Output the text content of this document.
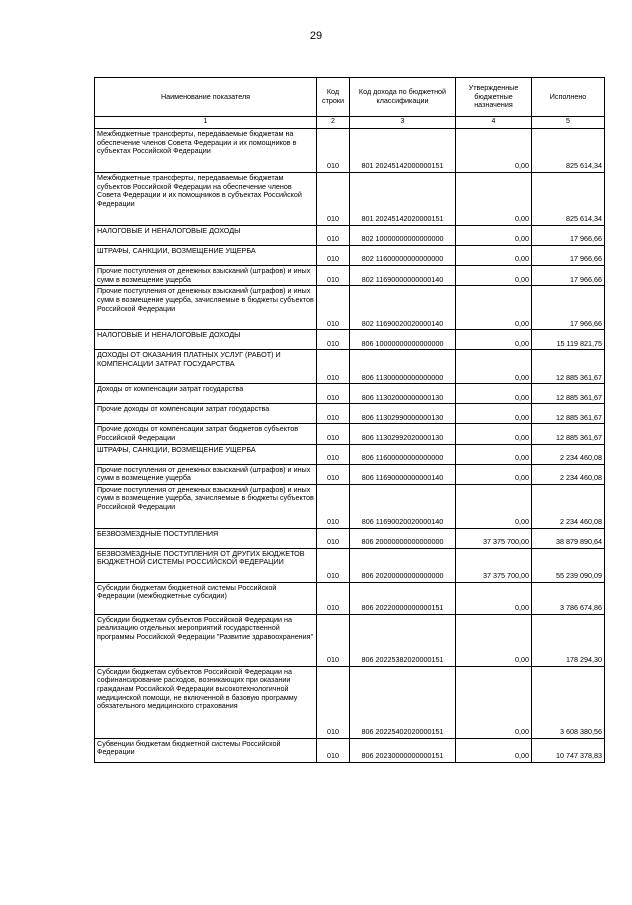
29
Наименование показателя	Код строки	Код дохода по бюджетной классификации	Утвержденные бюджетные назначения	Исполнено
1	2	3	4	5
Межбюджетные трансферты, передаваемые бюджетам на обеспечение членов Совета Федерации и их помощников в субъектах Российской Федерации	010	801 20245142000000151	0,00	825 614,34
Межбюджетные трансферты, передаваемые бюджетам субъектов Российской Федерации на обеспечение членов Совета Федерации и их помощников в субъектах Российской Федерации	010	801 20245142020000151	0,00	825 614,34
НАЛОГОВЫЕ И НЕНАЛОГОВЫЕ ДОХОДЫ	010	802 10000000000000000	0,00	17 966,66
ШТРАФЫ, САНКЦИИ, ВОЗМЕЩЕНИЕ УЩЕРБА	010	802 11600000000000000	0,00	17 966,66
Прочие поступления от денежных взысканий (штрафов) и иных сумм в возмещение ущерба	010	802 11690000000000140	0,00	17 966,66
Прочие поступления от денежных взысканий (штрафов) и иных сумм в возмещение ущерба, зачисляемые в бюджеты субъектов Российской Федерации	010	802 11690020020000140	0,00	17 966,66
НАЛОГОВЫЕ И НЕНАЛОГОВЫЕ ДОХОДЫ	010	806 10000000000000000	0,00	15 119 821,75
ДОХОДЫ ОТ ОКАЗАНИЯ ПЛАТНЫХ УСЛУГ (РАБОТ) И КОМПЕНСАЦИИ ЗАТРАТ ГОСУДАРСТВА	010	806 11300000000000000	0,00	12 885 361,67
Доходы от компенсации затрат государства	010	806 11302000000000130	0,00	12 885 361,67
Прочие доходы от компенсации затрат государства	010	806 11302990000000130	0,00	12 885 361,67
Прочие доходы от компенсации затрат бюджетов субъектов Российской Федерации	010	806 11302992020000130	0,00	12 885 361,67
ШТРАФЫ, САНКЦИИ, ВОЗМЕЩЕНИЕ УЩЕРБА	010	806 11600000000000000	0,00	2 234 460,08
Прочие поступления от денежных взысканий (штрафов) и иных сумм в возмещение ущерба	010	806 11690000000000140	0,00	2 234 460,08
Прочие поступления от денежных взысканий (штрафов) и иных сумм в возмещение ущерба, зачисляемые в бюджеты субъектов Российской Федерации	010	806 11690020020000140	0,00	2 234 460,08
БЕЗВОЗМЕЗДНЫЕ ПОСТУПЛЕНИЯ	010	806 20000000000000000	37 375 700,00	38 879 890,64
БЕЗВОЗМЕЗДНЫЕ ПОСТУПЛЕНИЯ ОТ ДРУГИХ БЮДЖЕТОВ БЮДЖЕТНОЙ СИСТЕМЫ РОССИЙСКОЙ ФЕДЕРАЦИИ	010	806 20200000000000000	37 375 700,00	55 239 090,09
Субсидии бюджетам бюджетной системы Российской Федерации (межбюджетные субсидии)	010	806 20220000000000151	0,00	3 786 674,86
Субсидии бюджетам субъектов Российской Федерации на реализацию отдельных мероприятий государственной программы Российской Федерации "Развитие здравоохранения"	010	806 20225382020000151	0,00	178 294,30
Субсидии бюджетам субъектов Российской Федерации на софинансирование расходов, возникающих при оказании гражданам Российской Федерации высокотехнологичной медицинской помощи, не включенной в базовую программу обязательного медицинского страхования	010	806 20225402020000151	0,00	3 608 380,56
Субвенции бюджетам бюджетной системы Российской Федерации	010	806 20230000000000151	0,00	10 747 378,83
